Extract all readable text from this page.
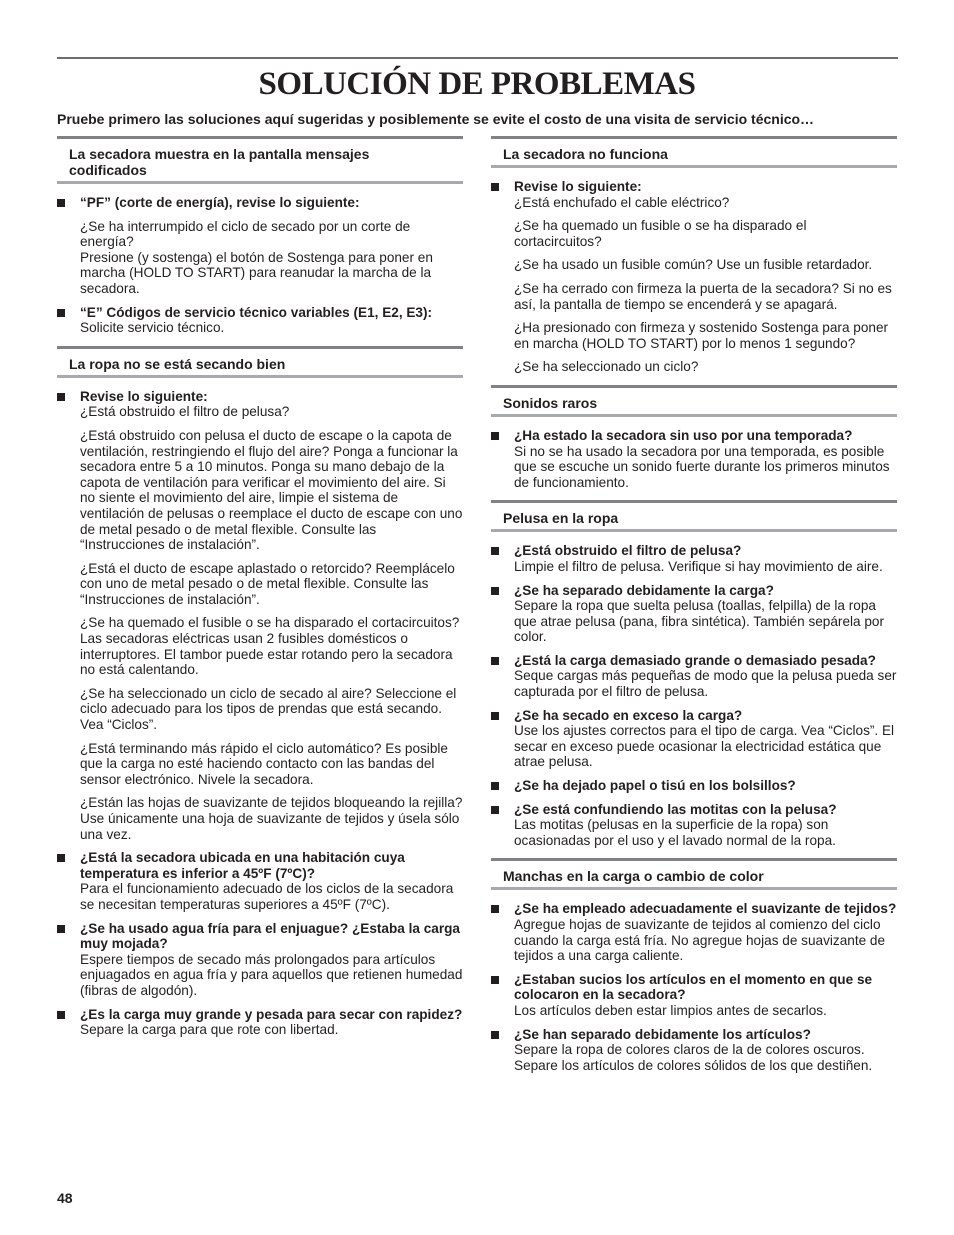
SOLUCIÓN DE PROBLEMAS

Pruebe primero las soluciones aquí sugeridas y posiblemente se evite el costo de una visita de servicio técnico…

La secadora muestra en la pantalla mensajes codificados
“PF” (corte de energía), revise lo siguiente:
¿Se ha interrumpido el ciclo de secado por un corte de energía?
Presione (y sostenga) el botón de Sostenga para poner en marcha (HOLD TO START) para reanudar la marcha de la secadora.
“E” Códigos de servicio técnico variables (E1, E2, E3):
Solicite servicio técnico.
La ropa no se está secando bien
Revise lo siguiente:
¿Está obstruido el filtro de pelusa?
¿Está obstruido con pelusa el ducto de escape o la capota de ventilación, restringiendo el flujo del aire? Ponga a funcionar la secadora entre 5 a 10 minutos. Ponga su mano debajo de la capota de ventilación para verificar el movimiento del aire. Si no siente el movimiento del aire, limpie el sistema de ventilación de pelusas o reemplace el ducto de escape con uno de metal pesado o de metal flexible. Consulte las “Instrucciones de instalación”.
¿Está el ducto de escape aplastado o retorcido? Reemplácelo con uno de metal pesado o de metal flexible. Consulte las “Instrucciones de instalación”.
¿Se ha quemado el fusible o se ha disparado el cortacircuitos? Las secadoras eléctricas usan 2 fusibles domésticos o interruptores. El tambor puede estar rotando pero la secadora no está calentando.
¿Se ha seleccionado un ciclo de secado al aire? Seleccione el ciclo adecuado para los tipos de prendas que está secando. Vea “Ciclos”.
¿Está terminando más rápido el ciclo automático? Es posible que la carga no esté haciendo contacto con las bandas del sensor electrónico. Nivele la secadora.
¿Están las hojas de suavizante de tejidos bloqueando la rejilla? Use únicamente una hoja de suavizante de tejidos y úsela sólo una vez.
¿Está la secadora ubicada en una habitación cuya temperatura es inferior a 45ºF (7ºC)?
Para el funcionamiento adecuado de los ciclos de la secadora se necesitan temperaturas superiores a 45ºF (7ºC).
¿Se ha usado agua fría para el enjuague? ¿Estaba la carga muy mojada?
Espere tiempos de secado más prolongados para artículos enjuagados en agua fría y para aquellos que retienen humedad (fibras de algodón).
¿Es la carga muy grande y pesada para secar con rapidez?
Separe la carga para que rote con libertad.
La secadora no funciona
Revise lo siguiente:
¿Está enchufado el cable eléctrico?
¿Se ha quemado un fusible o se ha disparado el cortacircuitos?
¿Se ha usado un fusible común? Use un fusible retardador.
¿Se ha cerrado con firmeza la puerta de la secadora? Si no es así, la pantalla de tiempo se encenderá y se apagará.
¿Ha presionado con firmeza y sostenido Sostenga para poner en marcha (HOLD TO START) por lo menos 1 segundo?
¿Se ha seleccionado un ciclo?
Sonidos raros
¿Ha estado la secadora sin uso por una temporada?
Si no se ha usado la secadora por una temporada, es posible que se escuche un sonido fuerte durante los primeros minutos de funcionamiento.
Pelusa en la ropa
¿Está obstruido el filtro de pelusa?
Limpie el filtro de pelusa. Verifique si hay movimiento de aire.
¿Se ha separado debidamente la carga?
Separe la ropa que suelta pelusa (toallas, felpilla) de la ropa que atrae pelusa (pana, fibra sintética). También sepárela por color.
¿Está la carga demasiado grande o demasiado pesada?
Seque cargas más pequeñas de modo que la pelusa pueda ser capturada por el filtro de pelusa.
¿Se ha secado en exceso la carga?
Use los ajustes correctos para el tipo de carga. Vea “Ciclos”. El secar en exceso puede ocasionar la electricidad estática que atrae pelusa.
¿Se ha dejado papel o tisú en los bolsillos?
¿Se está confundiendo las motitas con la pelusa?
Las motitas (pelusas en la superficie de la ropa) son ocasionadas por el uso y el lavado normal de la ropa.
Manchas en la carga o cambio de color
¿Se ha empleado adecuadamente el suavizante de tejidos?
Agregue hojas de suavizante de tejidos al comienzo del ciclo cuando la carga está fría. No agregue hojas de suavizante de tejidos a una carga caliente.
¿Estaban sucios los artículos en el momento en que se colocaron en la secadora?
Los artículos deben estar limpios antes de secarlos.
¿Se han separado debidamente los artículos?
Separe la ropa de colores claros de la de colores oscuros. Separe los artículos de colores sólidos de los que destiñen.
48
